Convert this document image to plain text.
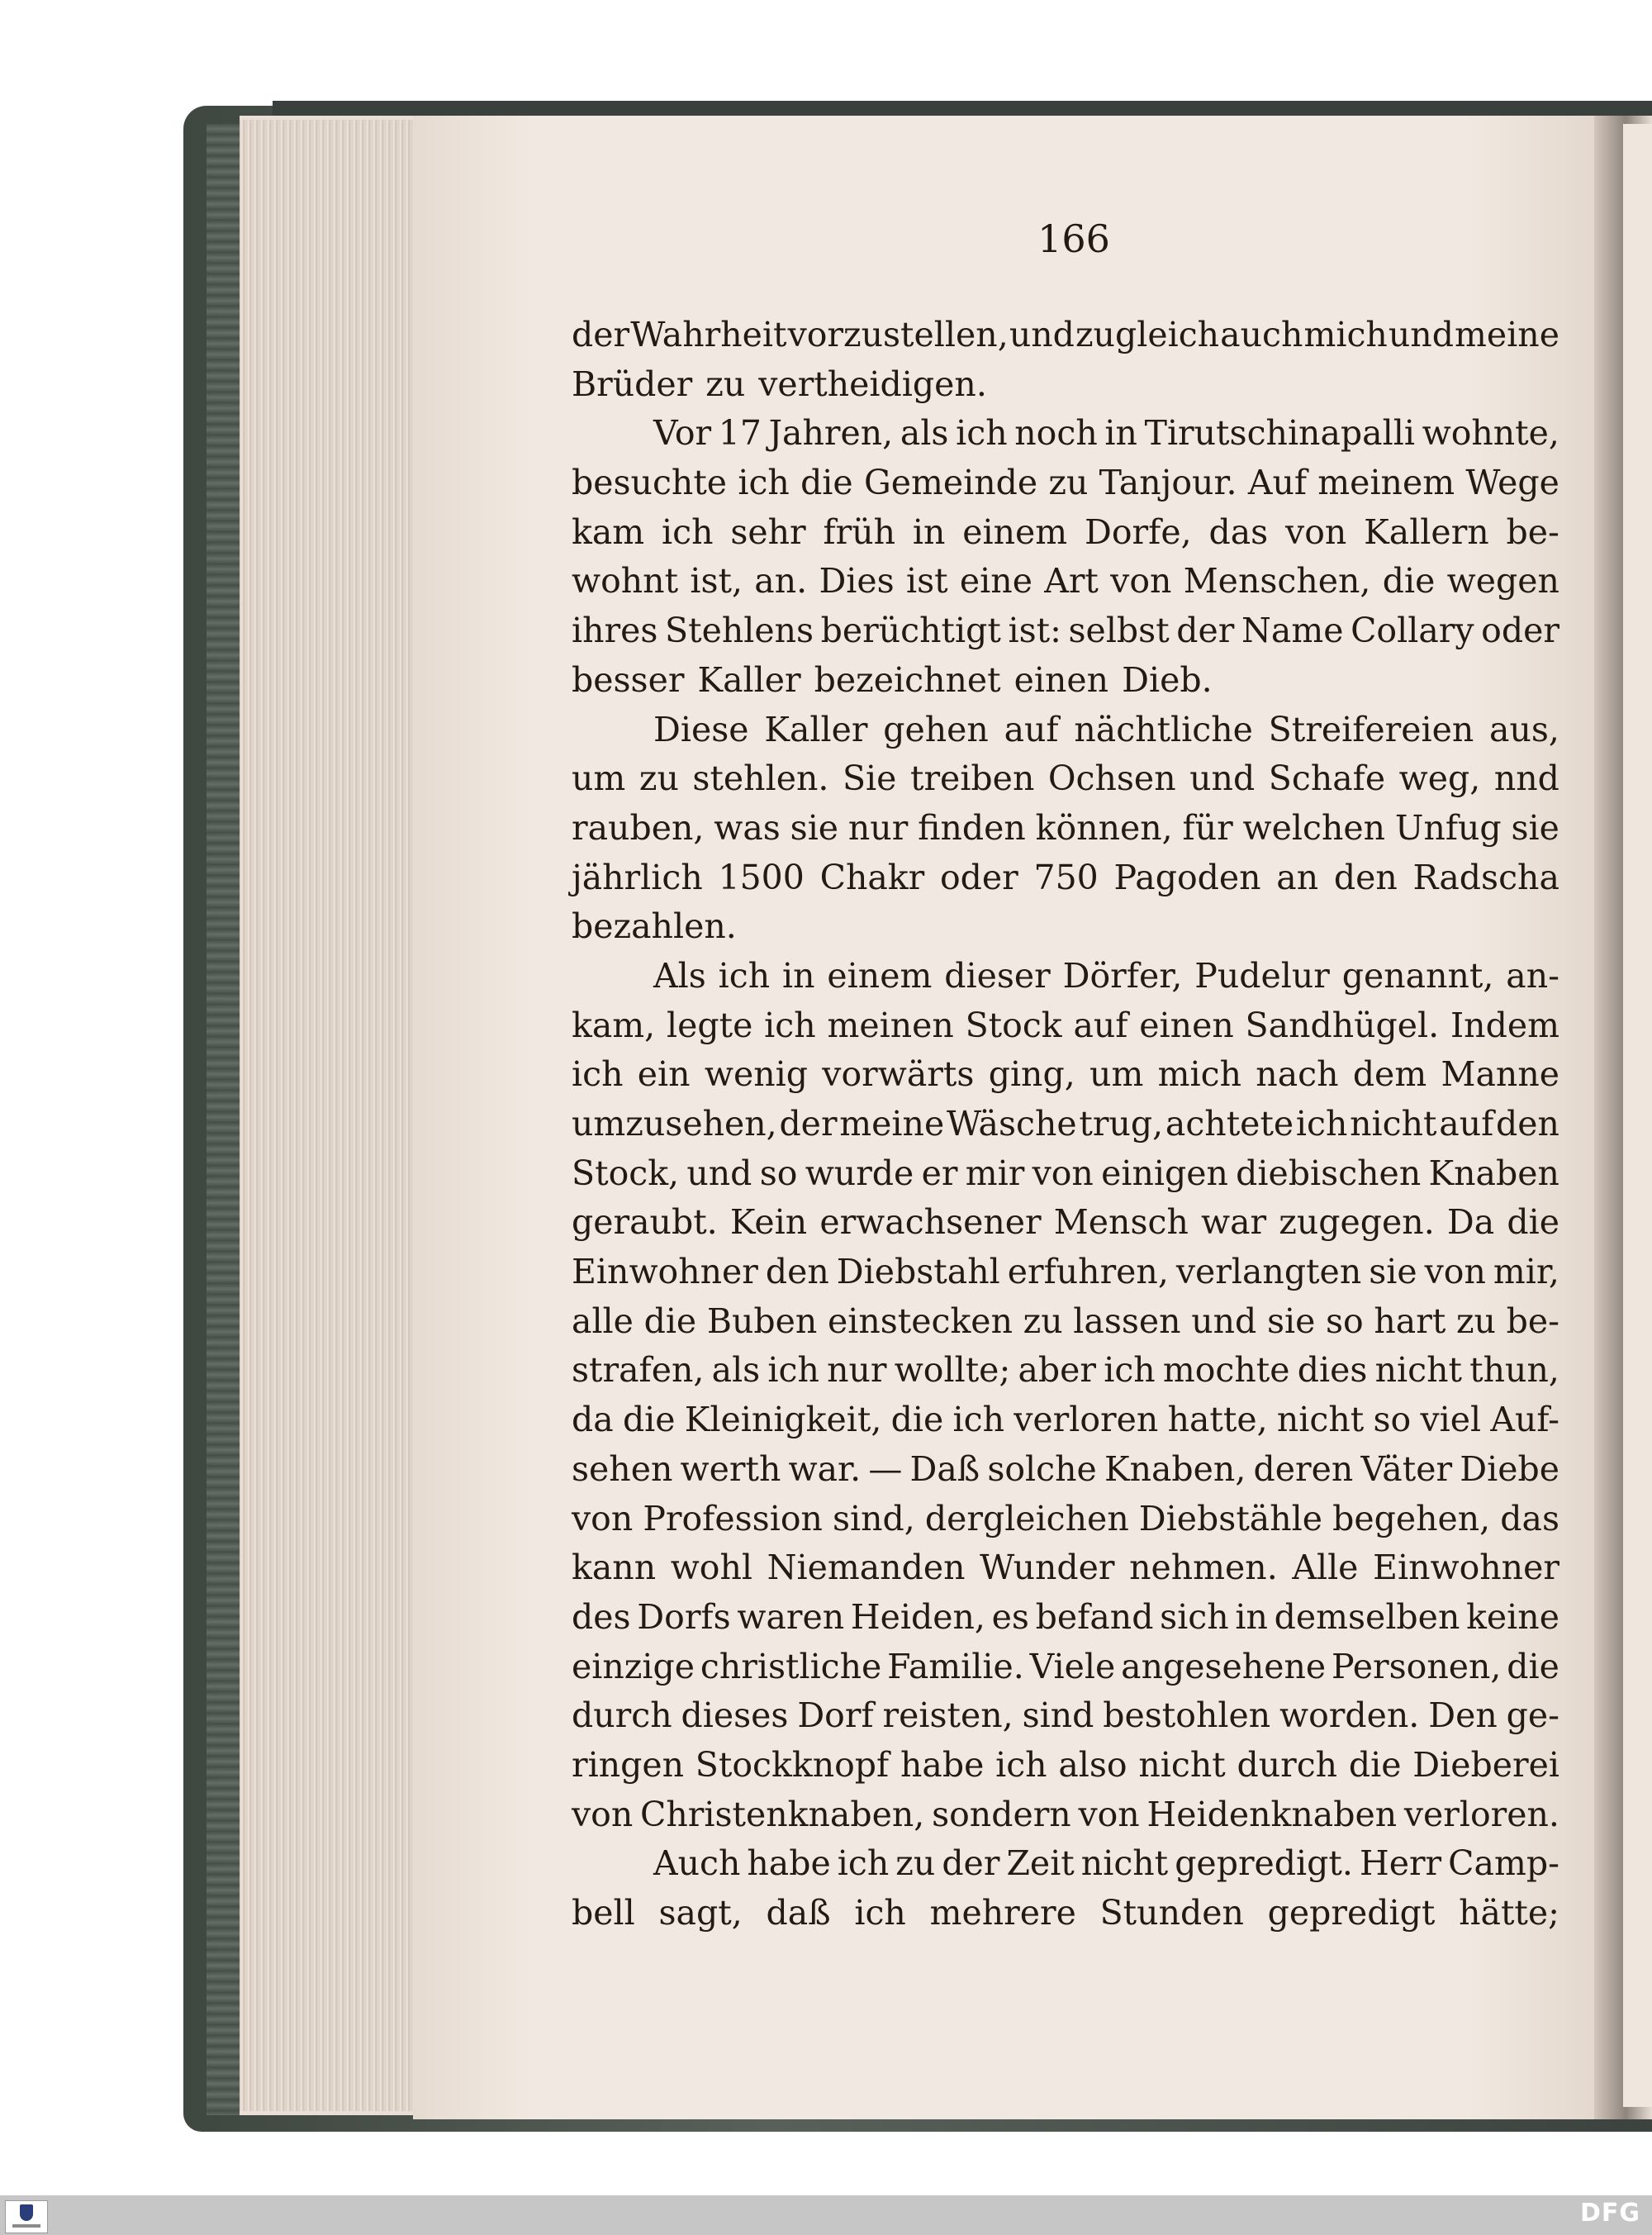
166
der Wahrheit vorzustellen, und zugleich auch mich und meine
Brüder zu vertheidigen.
Vor 17 Jahren, als ich noch in Tirutschinapalli wohnte,
besuchte ich die Gemeinde zu Tanjour. Auf meinem Wege
kam ich sehr früh in einem Dorfe, das von Kallern be-
wohnt ist, an. Dies ist eine Art von Menschen, die wegen
ihres Stehlens berüchtigt ist: selbst der Name Collary oder
besser Kaller bezeichnet einen Dieb.
Diese Kaller gehen auf nächtliche Streifereien aus,
um zu stehlen. Sie treiben Ochsen und Schafe weg, nnd
rauben, was sie nur finden können, für welchen Unfug sie
jährlich 1500 Chakr oder 750 Pagoden an den Radscha
bezahlen.
Als ich in einem dieser Dörfer, Pudelur genannt, an-
kam, legte ich meinen Stock auf einen Sandhügel. Indem
ich ein wenig vorwärts ging, um mich nach dem Manne
umzusehen, der meine Wäsche trug, achtete ich nicht auf den
Stock, und so wurde er mir von einigen diebischen Knaben
geraubt. Kein erwachsener Mensch war zugegen. Da die
Einwohner den Diebstahl erfuhren, verlangten sie von mir,
alle die Buben einstecken zu lassen und sie so hart zu be-
strafen, als ich nur wollte; aber ich mochte dies nicht thun,
da die Kleinigkeit, die ich verloren hatte, nicht so viel Auf-
sehen werth war. — Daß solche Knaben, deren Väter Diebe
von Profession sind, dergleichen Diebstähle begehen, das
kann wohl Niemanden Wunder nehmen. Alle Einwohner
des Dorfs waren Heiden, es befand sich in demselben keine
einzige christliche Familie. Viele angesehene Personen, die
durch dieses Dorf reisten, sind bestohlen worden. Den ge-
ringen Stockknopf habe ich also nicht durch die Dieberei
von Christenknaben, sondern von Heidenknaben verloren.
Auch habe ich zu der Zeit nicht gepredigt. Herr Camp-
bell sagt, daß ich mehrere Stunden gepredigt hätte;
DFG
